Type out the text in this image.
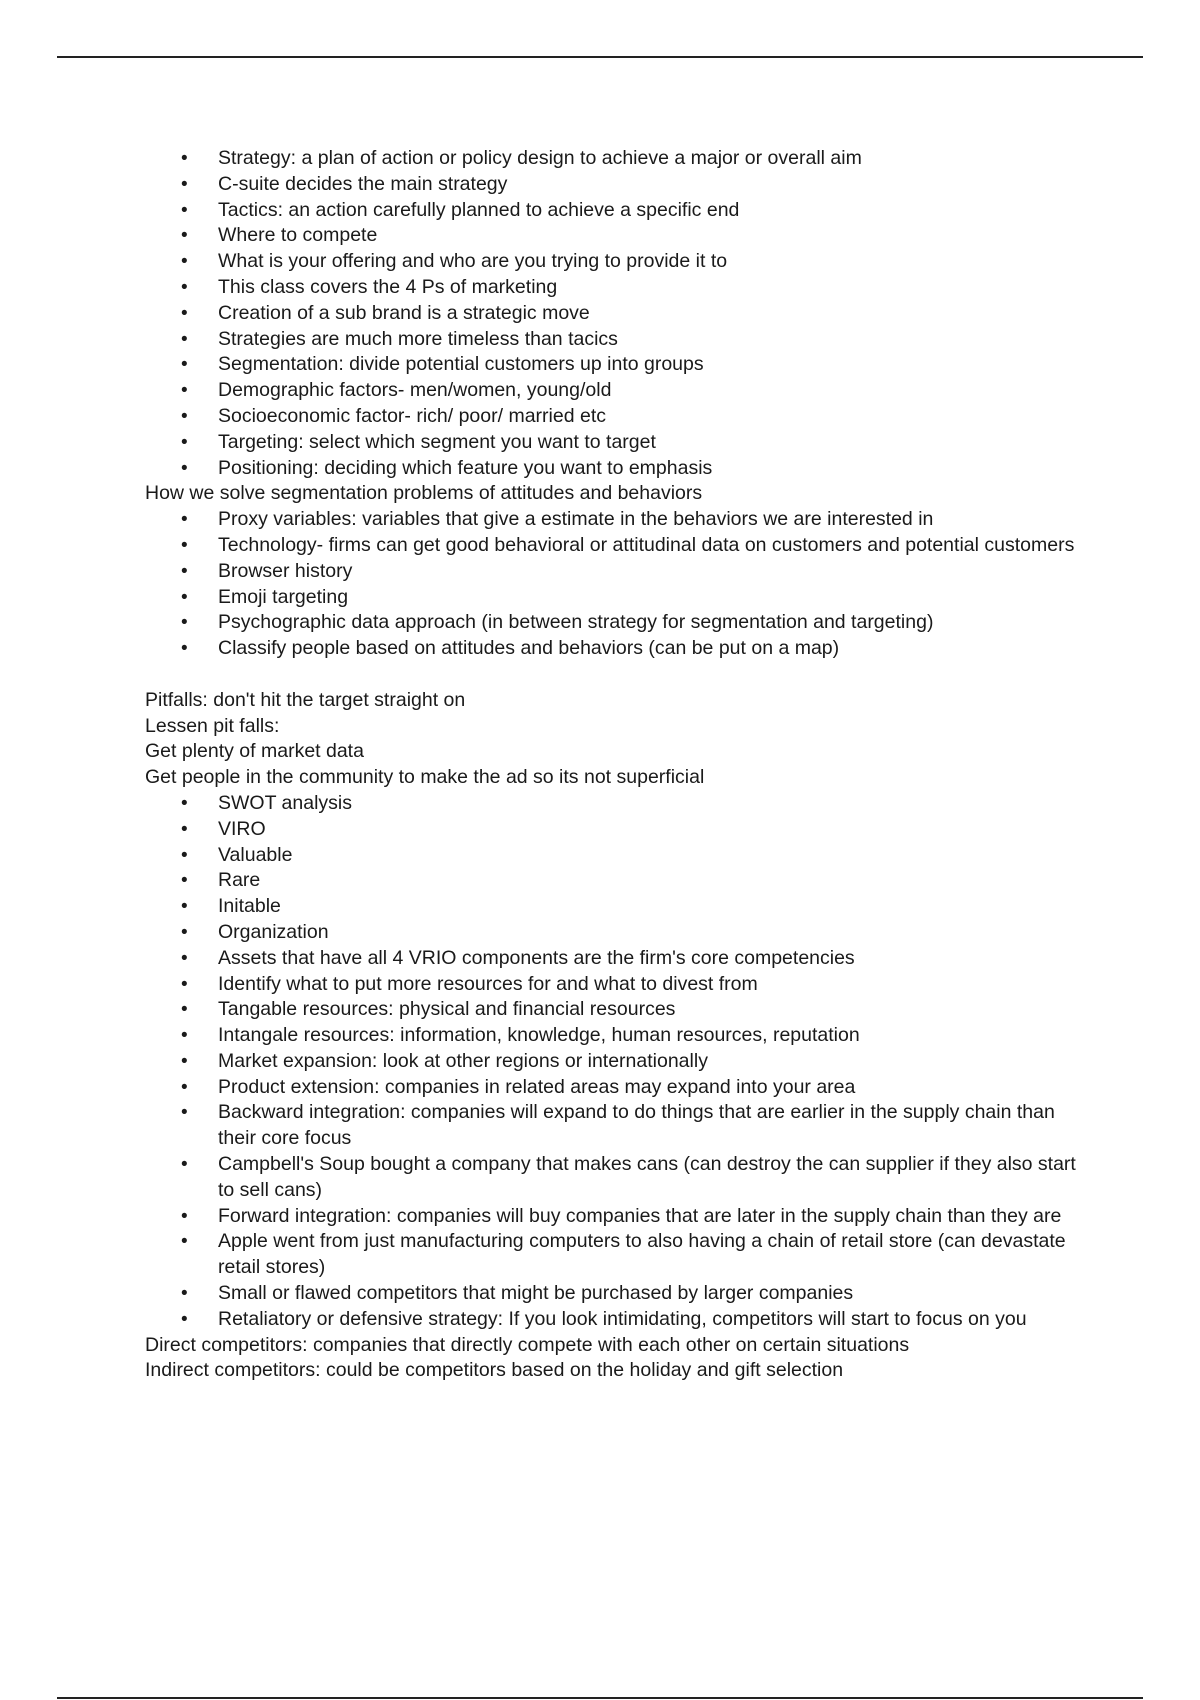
• Strategy: a plan of action or policy design to achieve a major or overall aim
• C-suite decides the main strategy
• Tactics: an action carefully planned to achieve a specific end
• Where to compete
• What is your offering and who are you trying to provide it to
• This class covers the 4 Ps of marketing
• Creation of a sub brand is a strategic move
• Strategies are much more timeless than tacics
• Segmentation: divide potential customers up into groups
• Demographic factors- men/women, young/old
• Socioeconomic factor- rich/ poor/ married etc
• Targeting: select which segment you want to target
• Positioning: deciding which feature you want to emphasis

How we solve segmentation problems of attitudes and behaviors

• Proxy variables: variables that give a estimate in the behaviors we are interested in
• Technology- firms can get good behavioral or attitudinal data on customers and potential customers
• Browser history
• Emoji targeting
• Psychographic data approach (in between strategy for segmentation and targeting)
• Classify people based on attitudes and behaviors (can be put on a map)

Pitfalls: don't hit the target straight on

Lessen pit falls:

Get plenty of market data

Get people in the community to make the ad so its not superficial

• SWOT analysis
• VIRO
• Valuable
• Rare
• Initable
• Organization
• Assets that have all 4 VRIO components are the firm's core competencies
• Identify what to put more resources for and what to divest from
• Tangable resources: physical and financial resources
• Intangale resources: information, knowledge, human resources, reputation
• Market expansion: look at other regions or internationally
• Product extension: companies in related areas may expand into your area
• Backward integration: companies will expand to do things that are earlier in the supply chain than their core focus
• Campbell's Soup bought a company that makes cans (can destroy the can supplier if they also start to sell cans)
• Forward integration: companies will buy companies that are later in the supply chain than they are
• Apple went from just manufacturing computers to also having a chain of retail store (can devastate retail stores)
• Small or flawed competitors that might be purchased by larger companies
• Retaliatory or defensive strategy: If you look intimidating, competitors will start to focus on you

Direct competitors: companies that directly compete with each other on certain situations

Indirect competitors: could be competitors based on the holiday and gift selection
